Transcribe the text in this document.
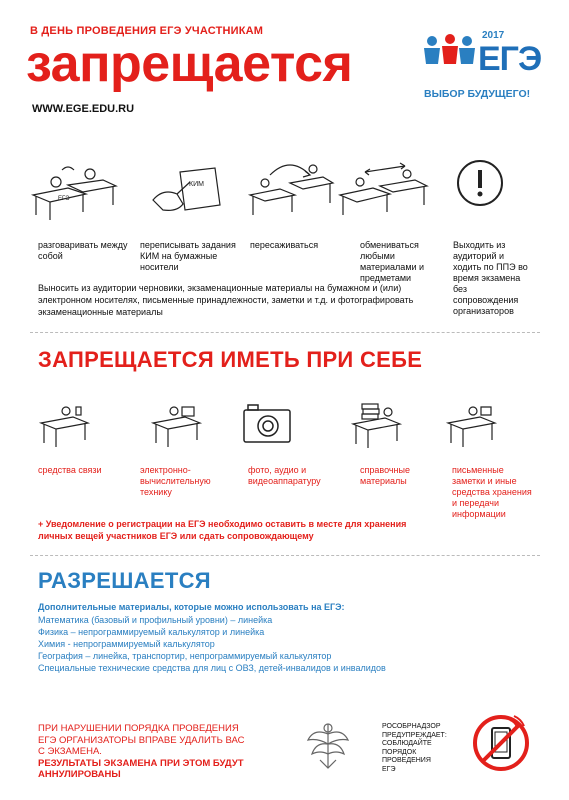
В ДЕНЬ ПРОВЕДЕНИЯ ЕГЭ УЧАСТНИКАМ
запрещается
WWW.EGE.EDU.RU
2017
ЕГЭ
ВЫБОР БУДУЩЕГО!
ЕГЭ
КИМ
разговаривать между собой
переписывать задания КИМ на бумажные носители
пересаживаться	обмениваться любыми материалами и предметами
Выходить из аудиторий и ходить по ППЭ во время экзамена без сопровождения организаторов
Выносить из аудитории черновики, экзаменационные материалы на бумажном и (или) электронном носителях, письменные принадлежности, заметки и т.д. и фотографировать экзаменационные материалы
ЗАПРЕЩАЕТСЯ ИМЕТЬ ПРИ СЕБЕ
средства связи	электронно-вычислительную технику
фото, аудио и видеоаппаратуру
справочные материалы
письменные заметки и иные средства хранения и передачи информации
+ Уведомление о регистрации на ЕГЭ необходимо оставить в месте для хранения личных вещей участников ЕГЭ или сдать сопровождающему
РАЗРЕШАЕТСЯ
Дополнительные материалы, которые можно использовать на ЕГЭ:
Математика (базовый и профильный уровни) – линейка
Физика – непрограммируемый калькулятор и линейка
Химия - непрограммируемый калькулятор
География – линейка, транспортир, непрограммируемый калькулятор
Специальные технические средства для лиц с ОВЗ, детей-инвалидов и инвалидов
ПРИ НАРУШЕНИИ ПОРЯДКА ПРОВЕДЕНИЯ
ЕГЭ ОРГАНИЗАТОРЫ ВПРАВЕ УДАЛИТЬ ВАС
С ЭКЗАМЕНА.
РЕЗУЛЬТАТЫ ЭКЗАМЕНА ПРИ ЭТОМ БУДУТ
АННУЛИРОВАНЫ
РОСОБРНАДЗОР
ПРЕДУПРЕЖДАЕТ:
СОБЛЮДАЙТЕ
ПОРЯДОК
ПРОВЕДЕНИЯ
ЕГЭ
